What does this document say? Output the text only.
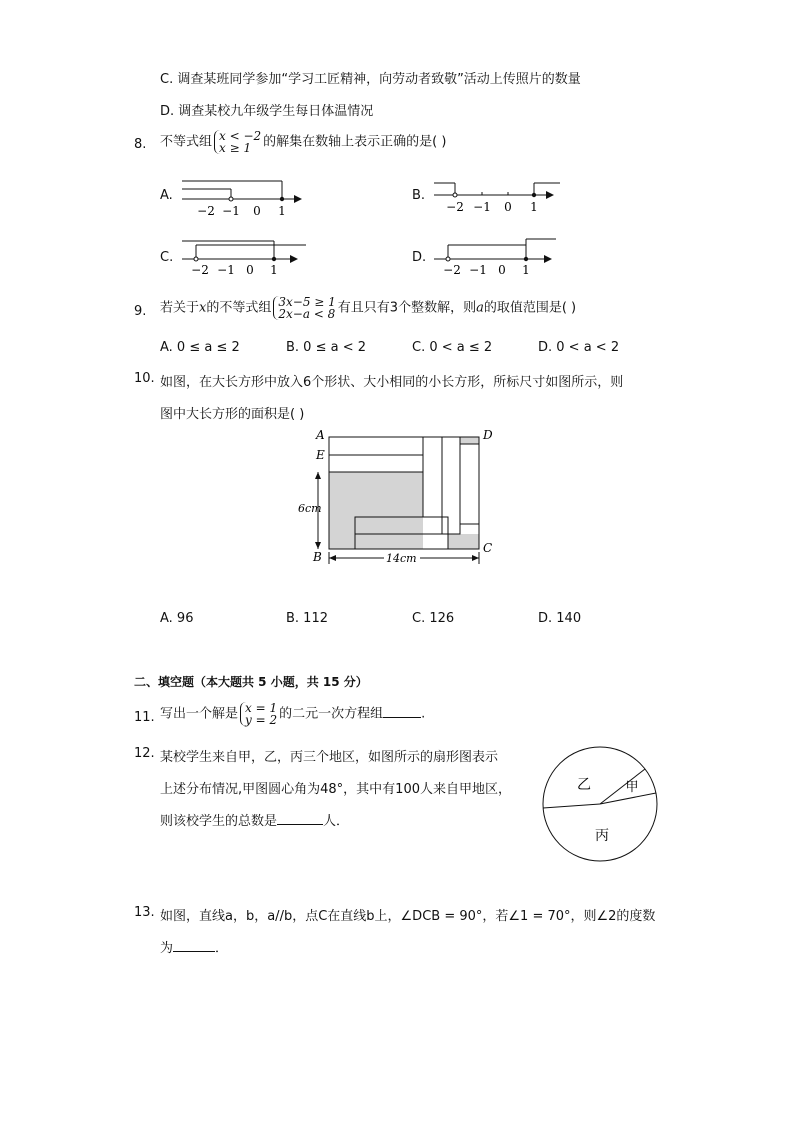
C. 调查某班同学参加“学习工匠精神，向劳动者致敬”活动上传照片的数量
D. 调查某校九年级学生每日体温情况
8. 不等式组 x < −2
x ≥ 1 的解集在数轴上表示正确的是( )
A.	B.
C.	D.
−2 −1 0 1	−2 −1 0 1
−2 −1 0 1	−2 −1 0 1
9. 若关于x的不等式组 3x−5 ≥ 1
2x−a < 8 有且只有3个整数解，则a的取值范围是( )
A. 0 ≤ a ≤ 2	B. 0 ≤ a < 2	C. 0 < a ≤ 2	D. 0 < a < 2
10. 如图，在大长方形中放入6个形状、大小相同的小长方形，所标尺寸如图所示，则
图中大长方形的面积是( )
A	D
E
B
C
6cm
14cm
A. 96	B. 112	C. 126	D. 140
二、填空题（本大题共 5 小题，共 15 分）
11. 写出一个解是 x = 1
y = 2 的二元一次方程组	.
12. 某校学生来自甲，乙，丙三个地区，如图所示的扇形图表示
上述分布情况,甲图圆心角为48°，其中有100人来自甲地区，
则该校学生的总数是	人．
乙	甲
丙
13. 如图，直线a，b，a//b，点C在直线b上，∠DCB = 90°，若∠1 = 70°，则∠2的度数
为	．
